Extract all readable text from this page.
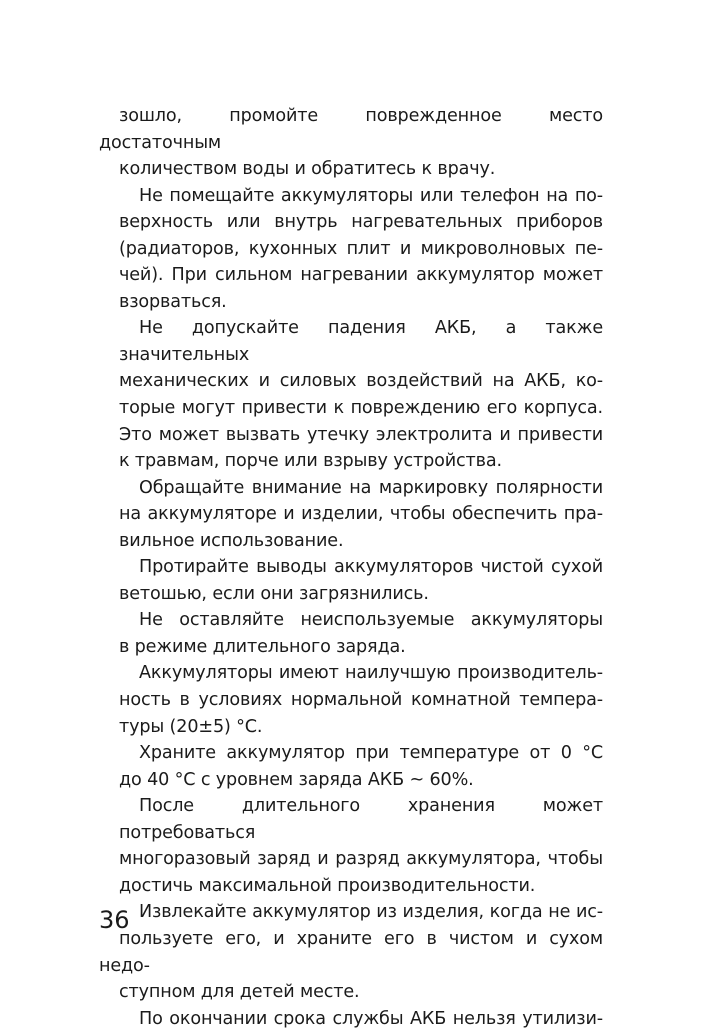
зошло, промойте поврежденное место достаточным
количеством воды и обратитесь к врачу.
Не помещайте аккумуляторы или телефон на по-
верхность или внутрь нагревательных приборов
(радиаторов, кухонных плит и микроволновых пе-
чей). При сильном нагревании аккумулятор может
взорваться.
Не допускайте падения АКБ, а также значительных
механических и силовых воздействий на АКБ, ко-
торые могут привести к повреждению его корпуса.
Это может вызвать утечку электролита и привести
к травмам, порче или взрыву устройства.
Обращайте внимание на маркировку полярности
на аккумуляторе и изделии, чтобы обеспечить пра-
вильное использование.
Протирайте выводы аккумуляторов чистой сухой
ветошью, если они загрязнились.
Не оставляйте неиспользуемые аккумуляторы
в режиме длительного заряда.
Аккумуляторы имеют наилучшую производитель-
ность в условиях нормальной комнатной темпера-
туры (20±5) °С.
Храните аккумулятор при температуре от 0 °С
до 40 °С с уровнем заряда АКБ ~ 60%.
После длительного хранения может потребоваться
многоразовый заряд и разряд аккумулятора, чтобы
достичь максимальной производительности.
Извлекайте аккумулятор из изделия, когда не ис-
пользуете его, и храните его в чистом и сухом недо-
ступном для детей месте.
По окончании срока службы АКБ нельзя утилизи-
36
